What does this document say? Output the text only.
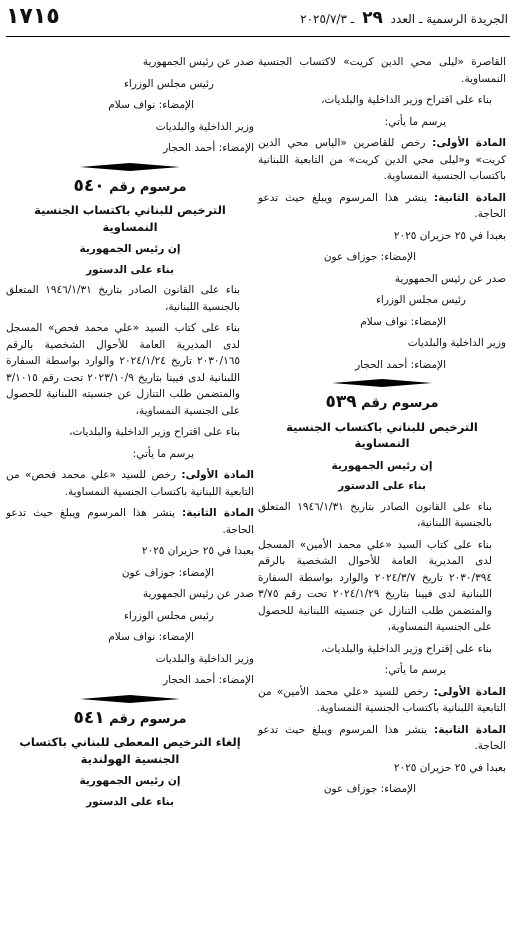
الجريدة الرسمية ـ العدد ٢٩ ـ ٢٠٢٥/٧/٣
١٧١٥

القاصرة «ليلى محي الدين كريت» لاكتساب الجنسية النمساوية.

بناء على اقتراح وزير الداخلية والبلديات،

يرسم ما يأتي:

المادة الأولى: رخص للقاصرين «الياس محي الدين كريت» و«ليلى محي الدين كريت» من التابعية اللبنانية باكتساب الجنسية النمساوية.

المادة الثانية: ينشر هذا المرسوم ويبلغ حيث تدعو الحاجة.

بعبدا في ٢٥ حزيران ٢٠٢٥

الإمضاء: جوزاف عون

صدر عن رئيس الجمهورية

رئيس مجلس الوزراء

الإمضاء: نواف سلام

وزير الداخلية والبلديات

الإمضاء: أحمد الحجار

مرسوم رقم ٥٣٩
الترخيص للبناني باكتساب الجنسية النمساوية
إن رئيس الجمهورية
بناء على الدستور

بناء على القانون الصادر بتاريخ ١٩٤٦/١/٣١ المتعلق بالجنسية اللبنانية،

بناء على كتاب السيد «علي محمد الأمين» المسجل لدى المديرية العامة للأحوال الشخصية بالرقم ٢٠٣٠/٣٩٤ تاريخ ٢٠٢٤/٣/٧ والوارد بواسطة السفارة اللبنانية لدى فيينا بتاريخ ٢٠٢٤/١/٢٩ تحت رقم ٣/٧٥ والمتضمن طلب التنازل عن جنسيته اللبنانية للحصول على الجنسية النمساوية،

بناء على إقتراح وزير الداخلية والبلديات،

يرسم ما يأتي:

المادة الأولى: رخص للسيد «علي محمد الأمين» من التابعية اللبنانية باكتساب الجنسية النمساوية.

المادة الثانية: ينشر هذا المرسوم ويبلغ حيث تدعو الحاجة.

بعبدا في ٢٥ حزيران ٢٠٢٥

الإمضاء: جوزاف عون

صدر عن رئيس الجمهورية

رئيس مجلس الوزراء

الإمضاء: نواف سلام

وزير الداخلية والبلديات

الإمضاء: أحمد الحجار

مرسوم رقم ٥٤٠
الترخيص للبناني باكتساب الجنسية النمساوية
إن رئيس الجمهورية
بناء على الدستور

بناء على القانون الصادر بتاريخ ١٩٤٦/١/٣١ المتعلق بالجنسية اللبنانية،

بناء على كتاب السيد «علي محمد فحص» المسجل لدى المديرية العامة للأحوال الشخصية بالرقم ٢٠٣٠/١٦٥ تاريخ ٢٠٢٤/١/٢٤ والوارد بواسطة السفارة اللبنانية لدى فيينا بتاريخ ٢٠٢٣/١٠/٩ تحت رقم ٣/١٠١٥ والمتضمن طلب التنازل عن جنسيته اللبنانية للحصول على الجنسية النمساوية،

بناء على اقتراح وزير الداخلية والبلديات،

يرسم ما يأتي:

المادة الأولى: رخص للسيد «علي محمد فحص» من التابعية اللبنانية باكتساب الجنسية النمساوية.

المادة الثانية: ينشر هذا المرسوم ويبلغ حيث تدعو الحاجة.

بعبدا في ٢٥ حزيران ٢٠٢٥

الإمضاء: جوزاف عون

صدر عن رئيس الجمهورية

رئيس مجلس الوزراء

الإمضاء: نواف سلام

وزير الداخلية والبلديات

الإمضاء: أحمد الحجار

مرسوم رقم ٥٤١
إلغاء الترخيص المعطى للبناني باكتساب الجنسية الهولندية
إن رئيس الجمهورية
بناء على الدستور
